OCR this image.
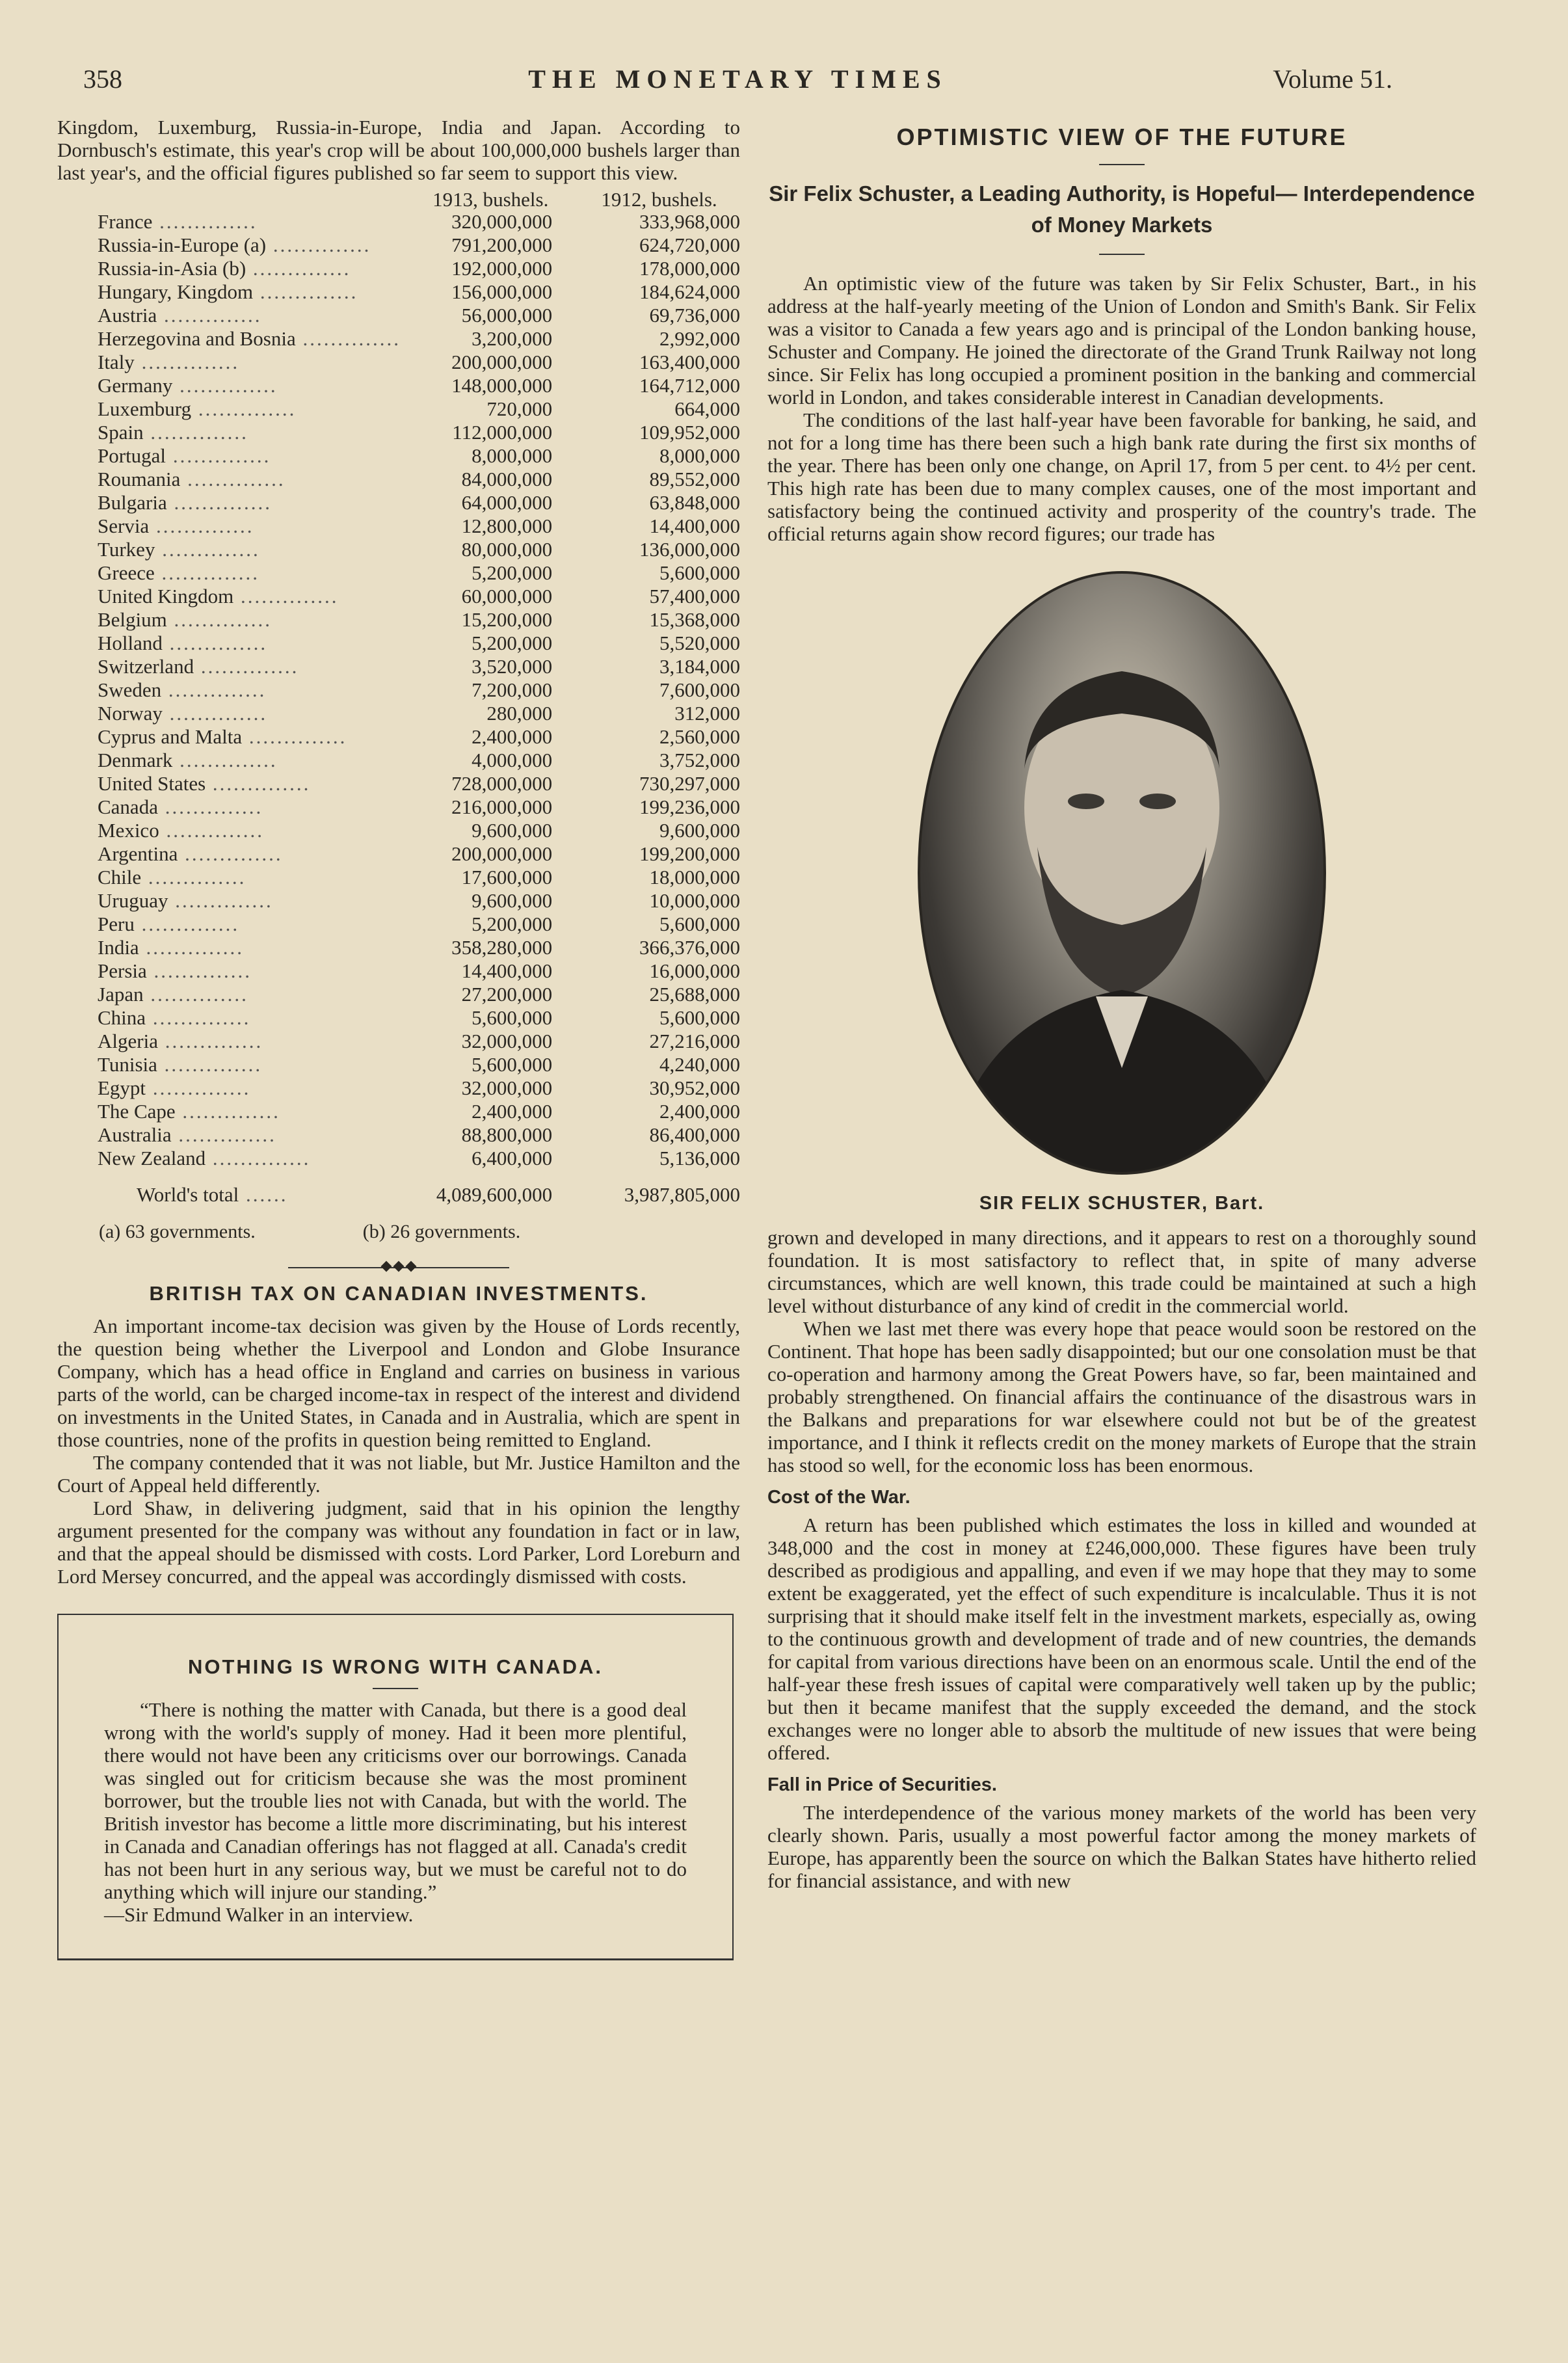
358	THE MONETARY TIMES	Volume 51.

Kingdom, Luxemburg, Russia-in-Europe, India and Japan. According to Dornbusch's estimate, this year's crop will be about 100,000,000 bushels larger than last year's, and the official figures published so far seem to support this view.

	1913, bushels.	1912, bushels.
France ..............	320,000,000	333,968,000
Russia-in-Europe (a) ..............	791,200,000	624,720,000
Russia-in-Asia (b) ..............	192,000,000	178,000,000
Hungary, Kingdom ..............	156,000,000	184,624,000
Austria ..............	56,000,000	69,736,000
Herzegovina and Bosnia ..............	3,200,000	2,992,000
Italy ..............	200,000,000	163,400,000
Germany ..............	148,000,000	164,712,000
Luxemburg ..............	720,000	664,000
Spain ..............	112,000,000	109,952,000
Portugal ..............	8,000,000	8,000,000
Roumania ..............	84,000,000	89,552,000
Bulgaria ..............	64,000,000	63,848,000
Servia ..............	12,800,000	14,400,000
Turkey ..............	80,000,000	136,000,000
Greece ..............	5,200,000	5,600,000
United Kingdom ..............	60,000,000	57,400,000
Belgium ..............	15,200,000	15,368,000
Holland ..............	5,200,000	5,520,000
Switzerland ..............	3,520,000	3,184,000
Sweden ..............	7,200,000	7,600,000
Norway ..............	280,000	312,000
Cyprus and Malta ..............	2,400,000	2,560,000
Denmark ..............	4,000,000	3,752,000
United States ..............	728,000,000	730,297,000
Canada ..............	216,000,000	199,236,000
Mexico ..............	9,600,000	9,600,000
Argentina ..............	200,000,000	199,200,000
Chile ..............	17,600,000	18,000,000
Uruguay ..............	9,600,000	10,000,000
Peru ..............	5,200,000	5,600,000
India ..............	358,280,000	366,376,000
Persia ..............	14,400,000	16,000,000
Japan ..............	27,200,000	25,688,000
China ..............	5,600,000	5,600,000
Algeria ..............	32,000,000	27,216,000
Tunisia ..............	5,600,000	4,240,000
Egypt ..............	32,000,000	30,952,000
The Cape ..............	2,400,000	2,400,000
Australia ..............	88,800,000	86,400,000
New Zealand ..............	6,400,000	5,136,000
World's total ......	4,089,600,000	3,987,805,000
(a) 63 governments.	(b) 26 governments.
BRITISH TAX ON CANADIAN INVESTMENTS.

An important income-tax decision was given by the House of Lords recently, the question being whether the Liverpool and London and Globe Insurance Company, which has a head office in England and carries on business in various parts of the world, can be charged income-tax in respect of the interest and dividend on investments in the United States, in Canada and in Australia, which are spent in those countries, none of the profits in question being remitted to England.

The company contended that it was not liable, but Mr. Justice Hamilton and the Court of Appeal held differently.

Lord Shaw, in delivering judgment, said that in his opinion the lengthy argument presented for the company was without any foundation in fact or in law, and that the appeal should be dismissed with costs. Lord Parker, Lord Loreburn and Lord Mersey concurred, and the appeal was accordingly dismissed with costs.

NOTHING IS WRONG WITH CANADA.

“There is nothing the matter with Canada, but there is a good deal wrong with the world's supply of money. Had it been more plentiful, there would not have been any criticisms over our borrowings. Canada was singled out for criticism because she was the most prominent borrower, but the trouble lies not with Canada, but with the world. The British investor has become a little more discriminating, but his interest in Canada and Canadian offerings has not flagged at all. Canada's credit has not been hurt in any serious way, but we must be careful not to do anything which will injure our standing.”

—Sir Edmund Walker in an interview.

OPTIMISTIC VIEW OF THE FUTURE
Sir Felix Schuster, a Leading Authority, is Hopeful— Interdependence of Money Markets

An optimistic view of the future was taken by Sir Felix Schuster, Bart., in his address at the half-yearly meeting of the Union of London and Smith's Bank. Sir Felix was a visitor to Canada a few years ago and is principal of the London banking house, Schuster and Company. He joined the directorate of the Grand Trunk Railway not long since. Sir Felix has long occupied a prominent position in the banking and commercial world in London, and takes considerable interest in Canadian developments.

The conditions of the last half-year have been favorable for banking, he said, and not for a long time has there been such a high bank rate during the first six months of the year. There has been only one change, on April 17, from 5 per cent. to 4½ per cent. This high rate has been due to many complex causes, one of the most important and satisfactory being the continued activity and prosperity of the country's trade. The official returns again show record figures; our trade has

SIR FELIX SCHUSTER, Bart.

grown and developed in many directions, and it appears to rest on a thoroughly sound foundation. It is most satisfactory to reflect that, in spite of many adverse circumstances, which are well known, this trade could be maintained at such a high level without disturbance of any kind of credit in the commercial world.

When we last met there was every hope that peace would soon be restored on the Continent. That hope has been sadly disappointed; but our one consolation must be that co-operation and harmony among the Great Powers have, so far, been maintained and probably strengthened. On financial affairs the continuance of the disastrous wars in the Balkans and preparations for war elsewhere could not but be of the greatest importance, and I think it reflects credit on the money markets of Europe that the strain has stood so well, for the economic loss has been enormous.

Cost of the War.

A return has been published which estimates the loss in killed and wounded at 348,000 and the cost in money at £246,000,000. These figures have been truly described as prodigious and appalling, and even if we may hope that they may to some extent be exaggerated, yet the effect of such expenditure is incalculable. Thus it is not surprising that it should make itself felt in the investment markets, especially as, owing to the continuous growth and development of trade and of new countries, the demands for capital from various directions have been on an enormous scale. Until the end of the half-year these fresh issues of capital were comparatively well taken up by the public; but then it became manifest that the supply exceeded the demand, and the stock exchanges were no longer able to absorb the multitude of new issues that were being offered.

Fall in Price of Securities.

The interdependence of the various money markets of the world has been very clearly shown. Paris, usually a most powerful factor among the money markets of Europe, has apparently been the source on which the Balkan States have hitherto relied for financial assistance, and with new
